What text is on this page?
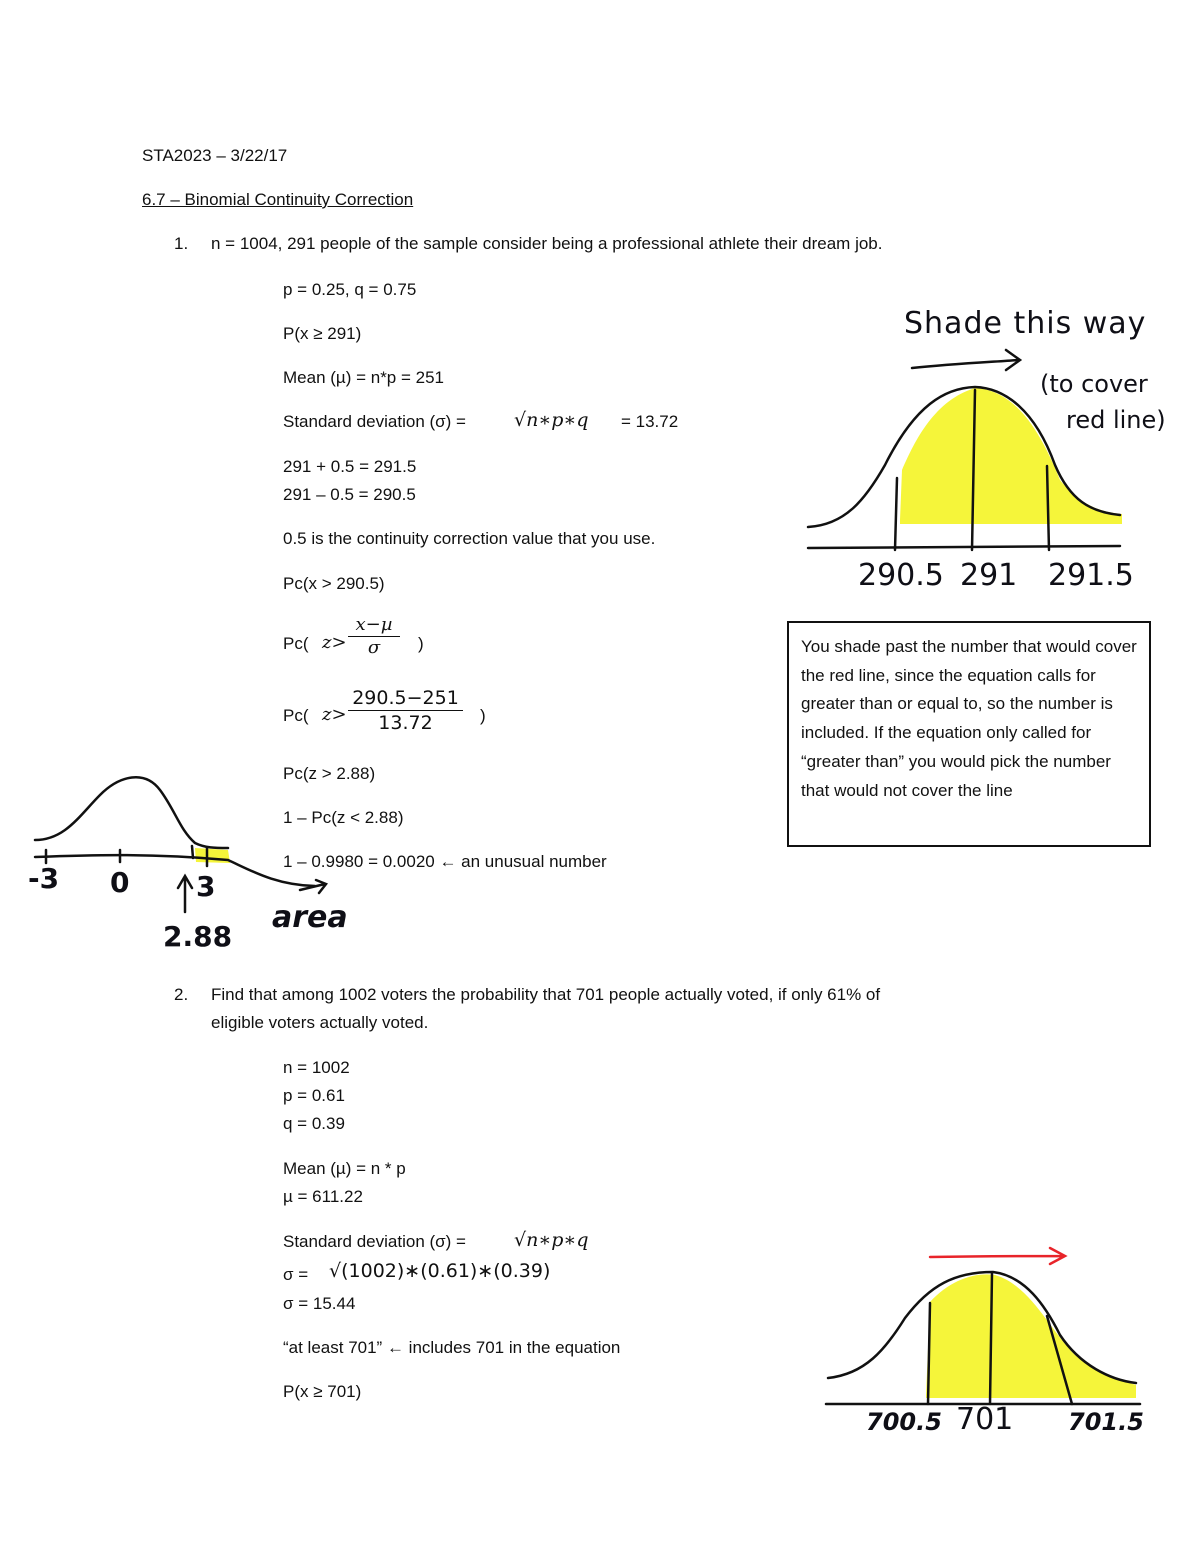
STA2023 – 3/22/17
6.7 – Binomial Continuity Correction
1. n = 1004, 291 people of the sample consider being a professional athlete their dream job.
p = 0.25, q = 0.75
P(x ≥ 291)
Mean (µ) = n*p = 251
Standard deviation (σ) =	√n∗p∗q = 13.72
291 + 0.5 = 291.5
291 – 0.5 = 290.5
0.5 is the continuity correction value that you use.
Pc(x > 290.5)
Pc( z>
x−µ
σ	)
Pc( z>
290.5−251
13.72	)
Pc(z > 2.88)
1 – Pc(z < 2.88)
1 – 0.9980 = 0.0020 ← an unusual number
2. Find that among 1002 voters the probability that 701 people actually voted, if only 61% of
eligible voters actually voted.
n = 1002
p = 0.61
q = 0.39
Mean (µ) = n * p
µ = 611.22
Standard deviation (σ) =	√n∗p∗q
σ = √(1002)∗(0.61)∗(0.39)
σ = 15.44
“at least 701” ← includes 701 in the equation
P(x ≥ 701)

You shade past the number that would cover the red line, since the equation calls for greater than or equal to, so the number is included. If the equation only called for “greater than” you would pick the number that would not cover the line

Shade this way
(to cover
red line)
290.5 291 291.5
-3 0 3
2.88
area
700.5 701 701.5
